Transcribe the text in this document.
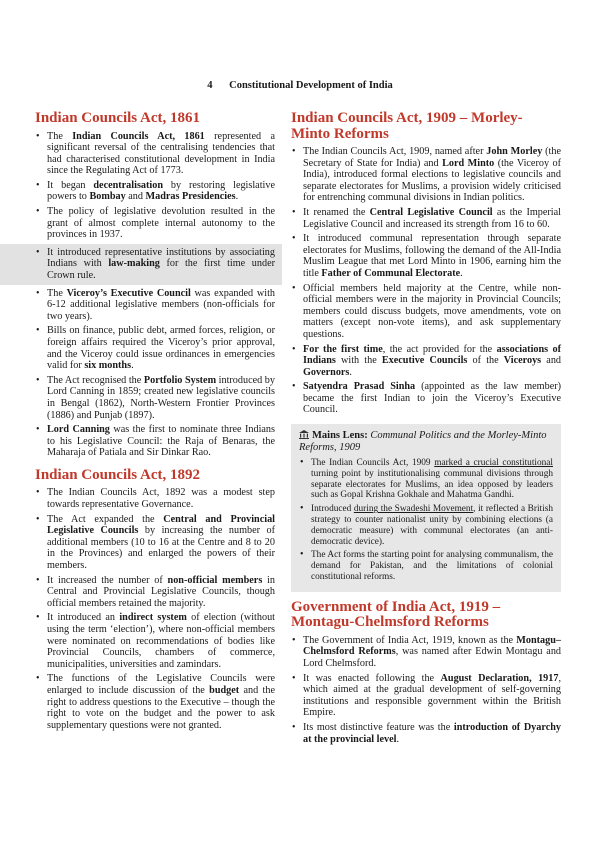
4 Constitutional Development of India
Indian Councils Act, 1861
• The Indian Councils Act, 1861 represented a significant reversal of the centralising tendencies that had characterised constitutional development in India since the Regulating Act of 1773.
• It began decentralisation by restoring legislative powers to Bombay and Madras Presidencies.
• The policy of legislative devolution resulted in the grant of almost complete internal autonomy to the provinces in 1937.
• It introduced representative institutions by associating Indians with law-making for the first time under Crown rule.
• The Viceroy’s Executive Council was expanded with 6-12 additional legislative members (non-officials for two years).
• Bills on finance, public debt, armed forces, religion, or foreign affairs required the Viceroy’s prior approval, and the Viceroy could issue ordinances in emergencies valid for six months.
• The Act recognised the Portfolio System introduced by Lord Canning in 1859; created new legislative councils in Bengal (1862), North-Western Frontier Provinces (1886) and Punjab (1897).
• Lord Canning was the first to nominate three Indians to his Legislative Council: the Raja of Benaras, the Maharaja of Patiala and Sir Dinkar Rao.
Indian Councils Act, 1892
• The Indian Councils Act, 1892 was a modest step towards representative Governance.
• The Act expanded the Central and Provincial Legislative Councils by increasing the number of additional members (10 to 16 at the Centre and 8 to 20 in the Provinces) and enlarged the powers of their members.
• It increased the number of non-official members in Central and Provincial Legislative Councils, though official members retained the majority.
• It introduced an indirect system of election (without using the term ‘election’), where non-official members were nominated on recommendations of bodies like Provincial Councils, chambers of commerce, municipalities, universities and zamindars.
• The functions of the Legislative Councils were enlarged to include discussion of the budget and the right to address questions to the Executive – though the right to vote on the budget and the power to ask supplementary questions were not granted.
Indian Councils Act, 1909 – Morley-Minto Reforms
• The Indian Councils Act, 1909, named after John Morley (the Secretary of State for India) and Lord Minto (the Viceroy of India), introduced formal elections to legislative councils and separate electorates for Muslims, a provision widely criticised for entrenching communal divisions in Indian politics.
• It renamed the Central Legislative Council as the Imperial Legislative Council and increased its strength from 16 to 60.
• It introduced communal representation through separate electorates for Muslims, following the demand of the All-India Muslim League that met Lord Minto in 1906, earning him the title Father of Communal Electorate.
• Official members held majority at the Centre, while non-official members were in the majority in Provincial Councils; members could discuss budgets, move amendments, vote on matters (except non-vote items), and ask supplementary questions.
• For the first time, the act provided for the associations of Indians with the Executive Councils of the Viceroys and Governors.
• Satyendra Prasad Sinha (appointed as the law member) became the first Indian to join the Viceroy’s Executive Council.
Mains Lens: Communal Politics and the Morley-Minto Reforms, 1909
• The Indian Councils Act, 1909 marked a crucial constitutional turning point by institutionalising communal divisions through separate electorates for Muslims, an idea opposed by leaders such as Gopal Krishna Gokhale and Mahatma Gandhi.
• Introduced during the Swadeshi Movement, it reflected a British strategy to counter nationalist unity by combining elections (a democratic measure) with communal electorates (an anti-democratic device).
• The Act forms the starting point for analysing communalism, the demand for Pakistan, and the limitations of colonial constitutional reforms.
Government of India Act, 1919 – Montagu-Chelmsford Reforms
• The Government of India Act, 1919, known as the Montagu–Chelmsford Reforms, was named after Edwin Montagu and Lord Chelmsford.
• It was enacted following the August Declaration, 1917, which aimed at the gradual development of self-governing institutions and responsible government within the British Empire.
• Its most distinctive feature was the introduction of Dyarchy at the provincial level.
